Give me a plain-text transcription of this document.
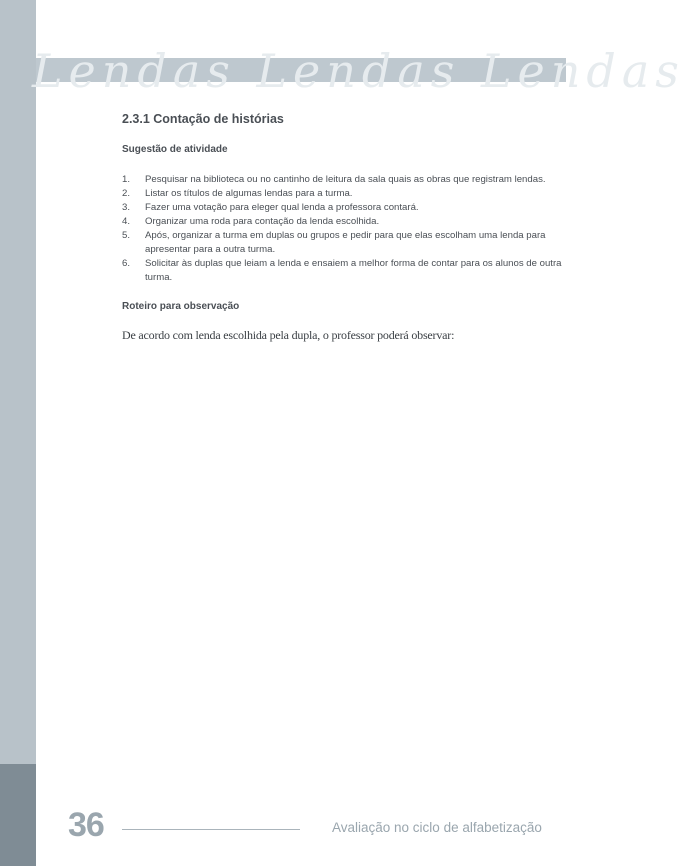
Lendas Lendas Lendas
2.3.1 Contação de histórias
Sugestão de atividade
1. Pesquisar na biblioteca ou no cantinho de leitura da sala quais as obras que registram lendas.
2. Listar os títulos de algumas lendas para a turma.
3. Fazer uma votação para eleger qual lenda a professora contará.
4. Organizar uma roda para contação da lenda escolhida.
5. Após, organizar a turma em duplas ou grupos e pedir para que elas escolham uma lenda para apresentar para a outra turma.
6. Solicitar às duplas que leiam a lenda e ensaiem a melhor forma de contar para os alunos de outra turma.
Roteiro para observação
De acordo com lenda escolhida pela dupla, o professor poderá observar:
36	Avaliação no ciclo de alfabetização
